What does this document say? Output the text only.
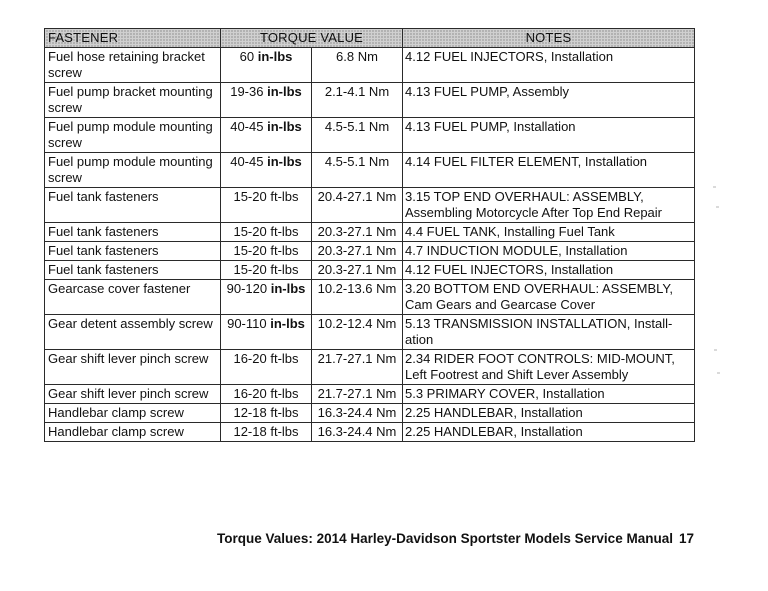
FASTENER	TORQUE VALUE		NOTES
Fuel hose retaining bracket screw	60 in-lbs	6.8 Nm	4.12 FUEL INJECTORS, Installation
Fuel pump bracket mounting screw	19-36 in-lbs	2.1-4.1 Nm	4.13 FUEL PUMP, Assembly
Fuel pump module mounting screw	40-45 in-lbs	4.5-5.1 Nm	4.13 FUEL PUMP, Installation
Fuel pump module mounting screw	40-45 in-lbs	4.5-5.1 Nm	4.14 FUEL FILTER ELEMENT, Installation
Fuel tank fasteners	15-20 ft-lbs	20.4-27.1 Nm	3.15 TOP END OVERHAUL: ASSEMBLY, Assembling Motorcycle After Top End Repair
Fuel tank fasteners	15-20 ft-lbs	20.3-27.1 Nm	4.4 FUEL TANK, Installing Fuel Tank
Fuel tank fasteners	15-20 ft-lbs	20.3-27.1 Nm	4.7 INDUCTION MODULE, Installation
Fuel tank fasteners	15-20 ft-lbs	20.3-27.1 Nm	4.12 FUEL INJECTORS, Installation
Gearcase cover fastener	90-120 in-lbs	10.2-13.6 Nm	3.20 BOTTOM END OVERHAUL: ASSEMBLY, Cam Gears and Gearcase Cover
Gear detent assembly screw	90-110 in-lbs	10.2-12.4 Nm	5.13 TRANSMISSION INSTALLATION, Install-ation
Gear shift lever pinch screw	16-20 ft-lbs	21.7-27.1 Nm	2.34 RIDER FOOT CONTROLS: MID-MOUNT, Left Footrest and Shift Lever Assembly
Gear shift lever pinch screw	16-20 ft-lbs	21.7-27.1 Nm	5.3 PRIMARY COVER, Installation
Handlebar clamp screw	12-18 ft-lbs	16.3-24.4 Nm	2.25 HANDLEBAR, Installation
Handlebar clamp screw	12-18 ft-lbs	16.3-24.4 Nm	2.25 HANDLEBAR, Installation
Torque Values: 2014 Harley-Davidson Sportster Models Service Manual 17
